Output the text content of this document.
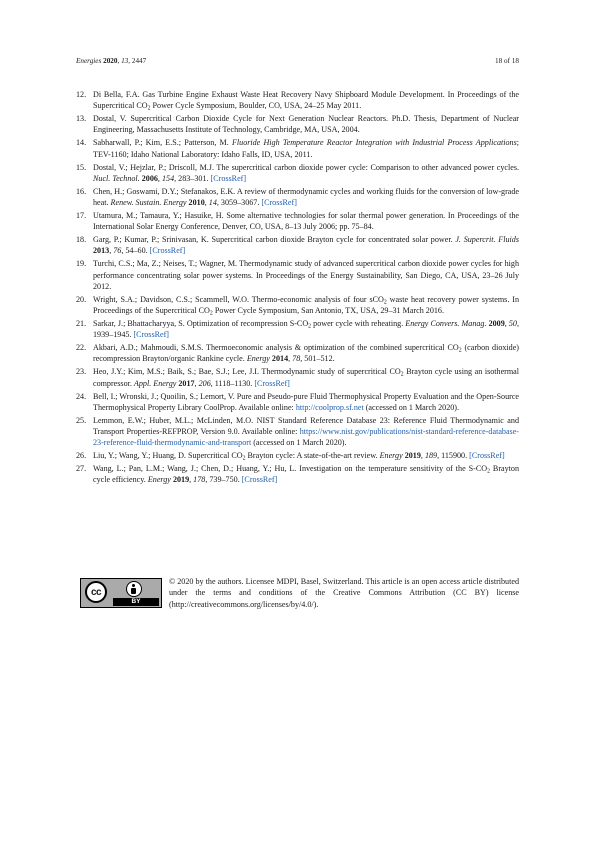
Energies 2020, 13, 2447	18 of 18
12. Di Bella, F.A. Gas Turbine Engine Exhaust Waste Heat Recovery Navy Shipboard Module Development. In Proceedings of the Supercritical $CO_2$ Power Cycle Symposium, Boulder, CO, USA, 24–25 May 2011.
13. Dostal, V. Supercritical Carbon Dioxide Cycle for Next Generation Nuclear Reactors. Ph.D. Thesis, Department of Nuclear Engineering, Massachusetts Institute of Technology, Cambridge, MA, USA, 2004.
14. Sabharwall, P.; Kim, E.S.; Patterson, M. Fluoride High Temperature Reactor Integration with Industrial Process Applications; TEV-1160; Idaho National Laboratory: Idaho Falls, ID, USA, 2011.
15. Dostal, V.; Hejzlar, P.; Driscoll, M.J. The supercritical carbon dioxide power cycle: Comparison to other advanced power cycles. Nucl. Technol. 2006, 154, 283–301. [CrossRef]
16. Chen, H.; Goswami, D.Y.; Stefanakos, E.K. A review of thermodynamic cycles and working fluids for the conversion of low-grade heat. Renew. Sustain. Energy 2010, 14, 3059–3067. [CrossRef]
17. Utamura, M.; Tamaura, Y.; Hasuike, H. Some alternative technologies for solar thermal power generation. In Proceedings of the International Solar Energy Conference, Denver, CO, USA, 8–13 July 2006; pp. 75–84.
18. Garg, P.; Kumar, P.; Srinivasan, K. Supercritical carbon dioxide Brayton cycle for concentrated solar power. J. Supercrit. Fluids 2013, 76, 54–60. [CrossRef]
19. Turchi, C.S.; Ma, Z.; Neises, T.; Wagner, M. Thermodynamic study of advanced supercritical carbon dioxide power cycles for high performance concentrating solar power systems. In Proceedings of the Energy Sustainability, San Diego, CA, USA, 23–26 July 2012.
20. Wright, S.A.; Davidson, C.S.; Scammell, W.O. Thermo-economic analysis of four sCO$_2$ waste heat recovery power systems. In Proceedings of the Supercritical $CO_2$ Power Cycle Symposium, San Antonio, TX, USA, 29–31 March 2016.
21. Sarkar, J.; Bhattacharyya, S. Optimization of recompression $S-CO_2$ power cycle with reheating. Energy Convers. Manag. 2009, 50, 1939–1945. [CrossRef]
22. Akbari, A.D.; Mahmoudi, S.M.S. Thermoeconomic analysis & optimization of the combined supercritical $CO_2$ (carbon dioxide) recompression Brayton/organic Rankine cycle. Energy 2014, 78, 501–512.
23. Heo, J.Y.; Kim, M.S.; Baik, S.; Bae, S.J.; Lee, J.I. Thermodynamic study of supercritical $CO_2$ Brayton cycle using an isothermal compressor. Appl. Energy 2017, 206, 1118–1130. [CrossRef]
24. Bell, I.; Wronski, J.; Quoilin, S.; Lemort, V. Pure and Pseudo-pure Fluid Thermophysical Property Evaluation and the Open-Source Thermophysical Property Library CoolProp. Available online: http://coolprop.sf.net (accessed on 1 March 2020).
25. Lemmon, E.W.; Huber, M.L.; McLinden, M.O. NIST Standard Reference Database 23: Reference Fluid Thermodynamic and Transport Properties-REFPROP, Version 9.0. Available online: https://www.nist.gov/publications/nist-standard-reference-database-23-reference-fluid-thermodynamic-and-transport (accessed on 1 March 2020).
26. Liu, Y.; Wang, Y.; Huang, D. Supercritical $CO_2$ Brayton cycle: A state-of-the-art review. Energy 2019, 189, 115900. [CrossRef]
27. Wang, L.; Pan, L.M.; Wang, J.; Chen, D.; Huang, Y.; Hu, L. Investigation on the temperature sensitivity of the $S-CO_2$ Brayton cycle efficiency. Energy 2019, 178, 739–750. [CrossRef]
cc
BY
© 2020 by the authors. Licensee MDPI, Basel, Switzerland. This article is an open access article distributed under the terms and conditions of the Creative Commons Attribution (CC BY) license (http://creativecommons.org/licenses/by/4.0/).
